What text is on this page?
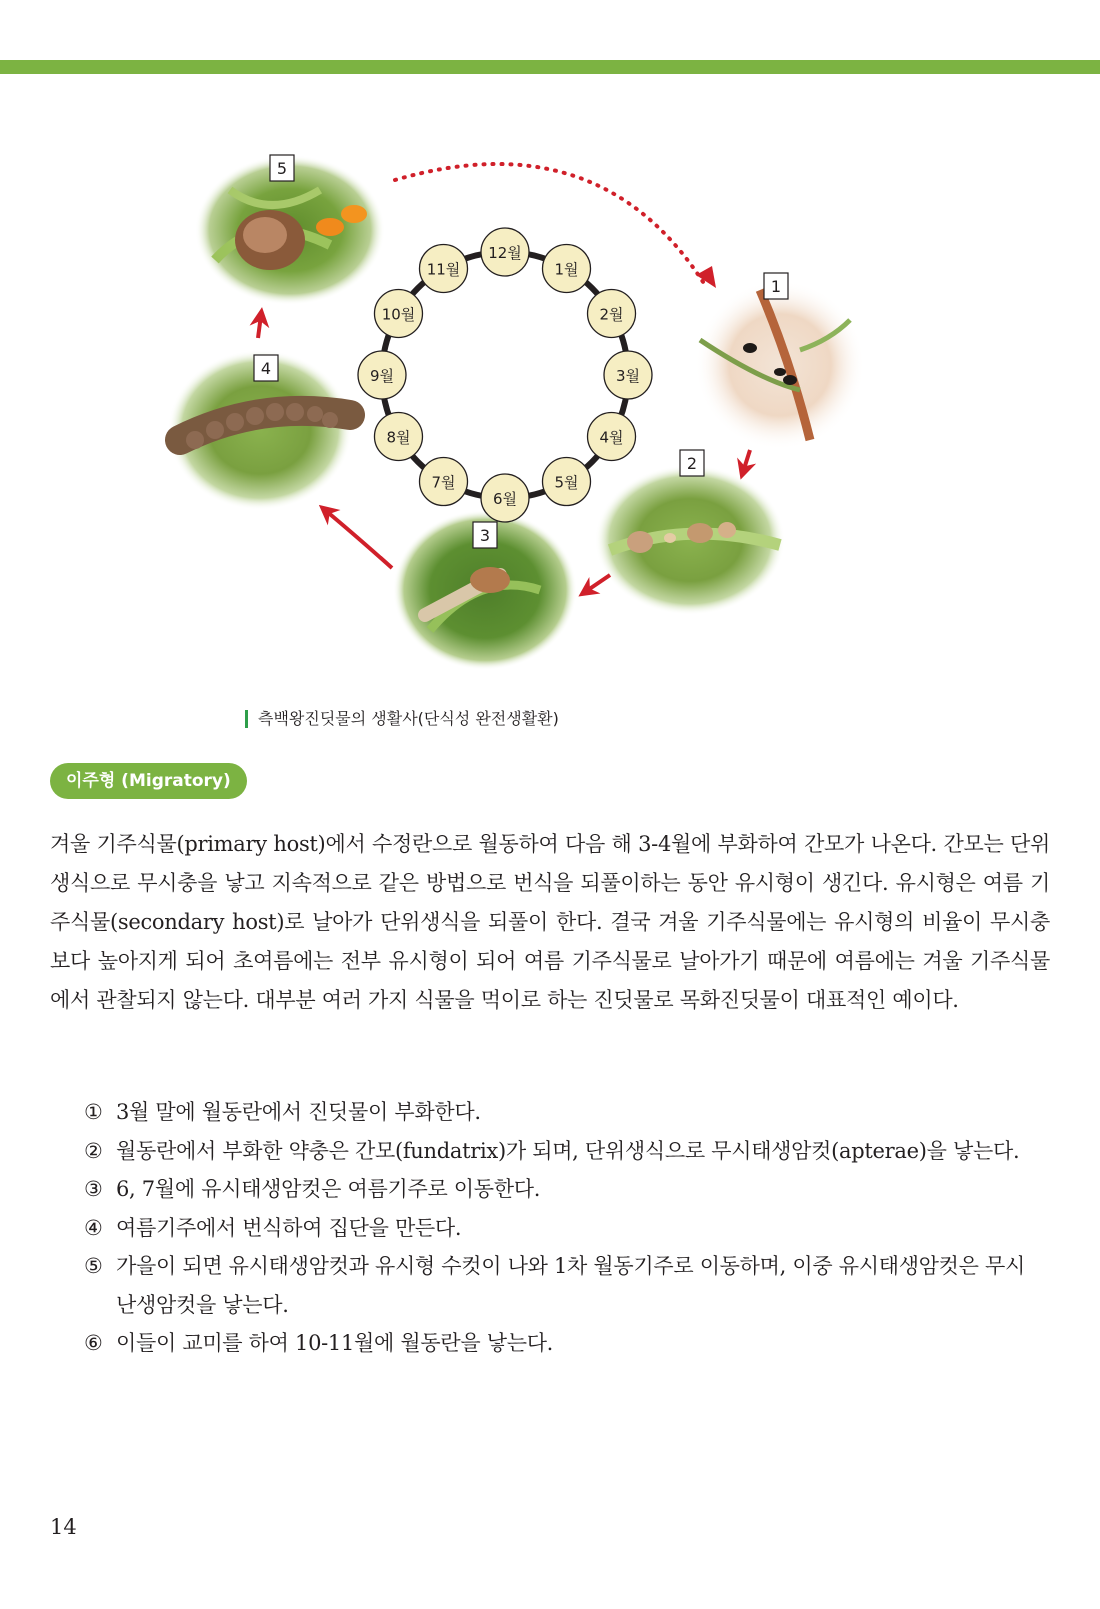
5
1
2
3
4
12월
1월
2월
3월
4월
5월
6월
7월
8월
9월
10월
11월
측백왕진딧물의 생활사(단식성 완전생활환)
이주형 (Migratory)

겨울 기주식물(primary host)에서 수정란으로 월동하여 다음 해 3-4월에 부화하여 간모가 나온다. 간모는 단위생식으로 무시충을 낳고 지속적으로 같은 방법으로 번식을 되풀이하는 동안 유시형이 생긴다. 유시형은 여름 기주식물(secondary host)로 날아가 단위생식을 되풀이 한다. 결국 겨울 기주식물에는 유시형의 비율이 무시충보다 높아지게 되어 초여름에는 전부 유시형이 되어 여름 기주식물로 날아가기 때문에 여름에는 겨울 기주식물에서 관찰되지 않는다. 대부분 여러 가지 식물을 먹이로 하는 진딧물로 목화진딧물이 대표적인 예이다.

① 3월 말에 월동란에서 진딧물이 부화한다.
② 월동란에서 부화한 약충은 간모(fundatrix)가 되며, 단위생식으로 무시태생암컷(apterae)을 낳는다.
③ 6, 7월에 유시태생암컷은 여름기주로 이동한다.
④ 여름기주에서 번식하여 집단을 만든다.
⑤ 가을이 되면 유시태생암컷과 유시형 수컷이 나와 1차 월동기주로 이동하며, 이중 유시태생암컷은 무시 난생암컷을 낳는다.
⑥ 이들이 교미를 하여 10-11월에 월동란을 낳는다.
14
